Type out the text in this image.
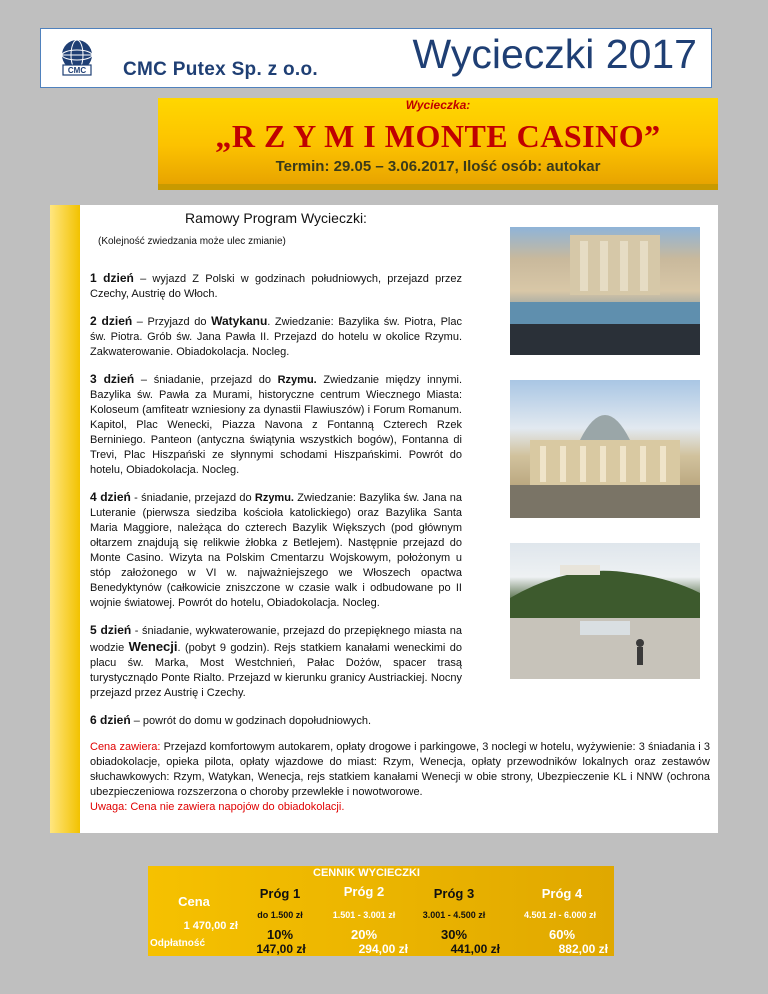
CMC CMC Putex Sp. z o.o. Wycieczki 2017
Wycieczka:
„R Z Y M I MONTE CASINO”
Termin: 29.05 – 3.06.2017, Ilość osób: autokar
Ramowy Program Wycieczki:
(Kolejność zwiedzania może ulec zmianie)
1 dzień – wyjazd Z Polski w godzinach południowych, przejazd przez Czechy, Austrię do Włoch.
2 dzień – Przyjazd do Watykanu. Zwiedzanie: Bazylika św. Piotra, Plac św. Piotra. Grób św. Jana Pawła II. Przejazd do hotelu w okolice Rzymu. Zakwaterowanie. Obiadokolacja. Nocleg.
3 dzień – śniadanie, przejazd do Rzymu. Zwiedzanie między innymi. Bazylika św. Pawła za Murami, historyczne centrum Wiecznego Miasta: Koloseum (amfiteatr wzniesiony za dynastii Flawiuszów) i Forum Romanum. Kapitol, Plac Wenecki, Piazza Navona z Fontanną Czterech Rzek Berniniego. Panteon (antyczna świątynia wszystkich bogów), Fontanna di Trevi, Plac Hiszpański ze słynnymi schodami Hiszpańskimi. Powrót do hotelu, Obiadokolacja. Nocleg.
4 dzień - śniadanie, przejazd do Rzymu. Zwiedzanie: Bazylika św. Jana na Luteranie (pierwsza siedziba kościoła katolickiego) oraz Bazylika Santa Maria Maggiore, należąca do czterech Bazylik Większych (pod głównym ołtarzem znajdują się relikwie żłobka z Betlejem). Następnie przejazd do Monte Casino. Wizyta na Polskim Cmentarzu Wojskowym, położonym u stóp założonego w VI w. najważniejszego we Włoszech opactwa Benedyktynów (całkowicie zniszczone w czasie walk i odbudowane po II wojnie światowej. Powrót do hotelu, Obiadokolacja. Nocleg.
5 dzień - śniadanie, wykwaterowanie, przejazd do przepięknego miasta na wodzie Wenecji. (pobyt 9 godzin). Rejs statkiem kanałami weneckimi do placu św. Marka, Most Westchnień, Pałac Dożów, spacer trasą turystycznądo Ponte Rialto. Przejazd w kierunku granicy Austriackiej. Nocny przejazd przez Austrię i Czechy.
6 dzień – powrót do domu w godzinach dopołudniowych.
Cena zawiera: Przejazd komfortowym autokarem, opłaty drogowe i parkingowe, 3 noclegi w hotelu, wyżywienie: 3 śniadania i 3 obiadokolacje, opieka pilota, opłaty wjazdowe do miast: Rzym, Wenecja, opłaty przewodników lokalnych oraz zestawów słuchawkowych: Rzym, Watykan, Wenecja, rejs statkiem kanałami Wenecji w obie strony, Ubezpieczenie KL i NNW (ochrona ubezpieczeniowa rozszerzona o choroby przewlekłe i nowotworowe.
Uwaga: Cena nie zawiera napojów do obiadokolacji.
CENNIK WYCIECZKI
Cena
1 470,00 zł
Odpłatność
Próg 1
do 1.500 zł
10%
147,00 zł
Próg 2
1.501 - 3.001 zł
20%
294,00 zł
Próg 3
3.001 - 4.500 zł
30%
441,00 zł
Próg 4
4.501 zł - 6.000 zł
60%
882,00 zł
